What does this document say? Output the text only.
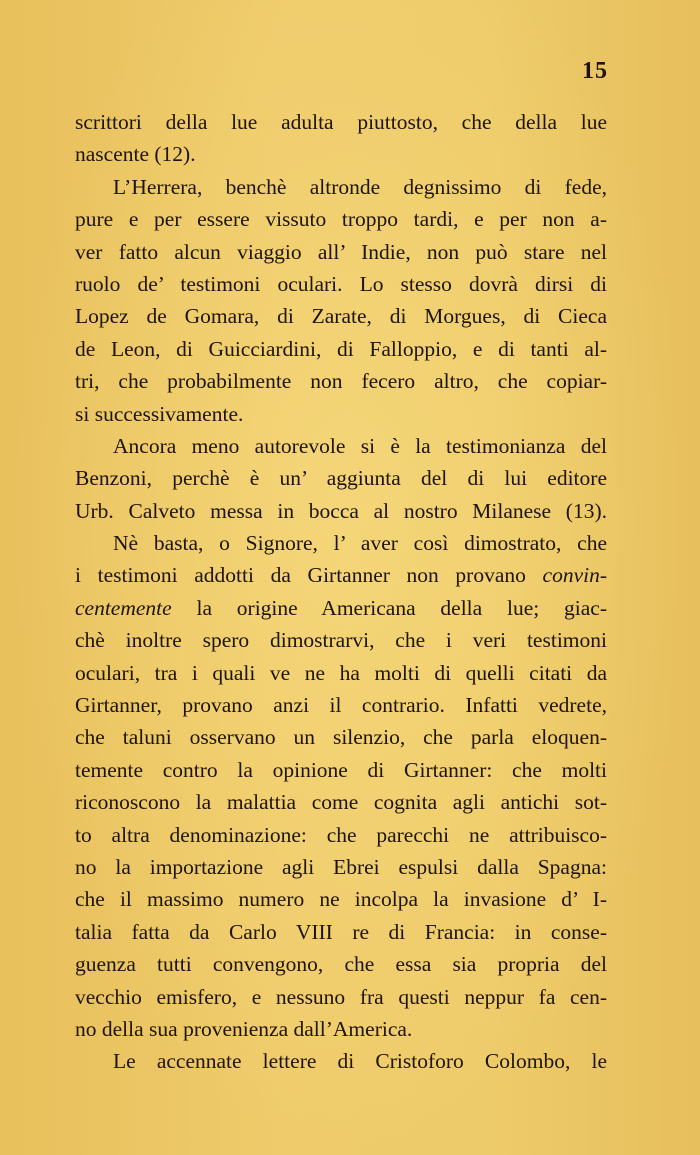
15
scrittori della lue adulta piuttosto, che della lue
nascente (12).
L’Herrera, benchè altronde degnissimo di fede,
pure e per essere vissuto troppo tardi, e per non a-
ver fatto alcun viaggio all’ Indie, non può stare nel
ruolo de’ testimoni oculari. Lo stesso dovrà dirsi di
Lopez de Gomara, di Zarate, di Morgues, di Cieca
de Leon, di Guicciardini, di Falloppio, e di tanti al-
tri, che probabilmente non fecero altro, che copiar-
si successivamente.
Ancora meno autorevole si è la testimonianza del
Benzoni, perchè è un’ aggiunta del di lui editore
Urb. Calveto messa in bocca al nostro Milanese (13).
Nè basta, o Signore, l’ aver così dimostrato, che
i testimoni addotti da Girtanner non provano convin-
centemente la origine Americana della lue; giac-
chè inoltre spero dimostrarvi, che i veri testimoni
oculari, tra i quali ve ne ha molti di quelli citati da
Girtanner, provano anzi il contrario. Infatti vedrete,
che taluni osservano un silenzio, che parla eloquen-
temente contro la opinione di Girtanner: che molti
riconoscono la malattia come cognita agli antichi sot-
to altra denominazione: che parecchi ne attribuisco-
no la importazione agli Ebrei espulsi dalla Spagna:
che il massimo numero ne incolpa la invasione d’ I-
talia fatta da Carlo VIII re di Francia: in conse-
guenza tutti convengono, che essa sia propria del
vecchio emisfero, e nessuno fra questi neppur fa cen-
no della sua provenienza dall’America.
Le accennate lettere di Cristoforo Colombo, le
